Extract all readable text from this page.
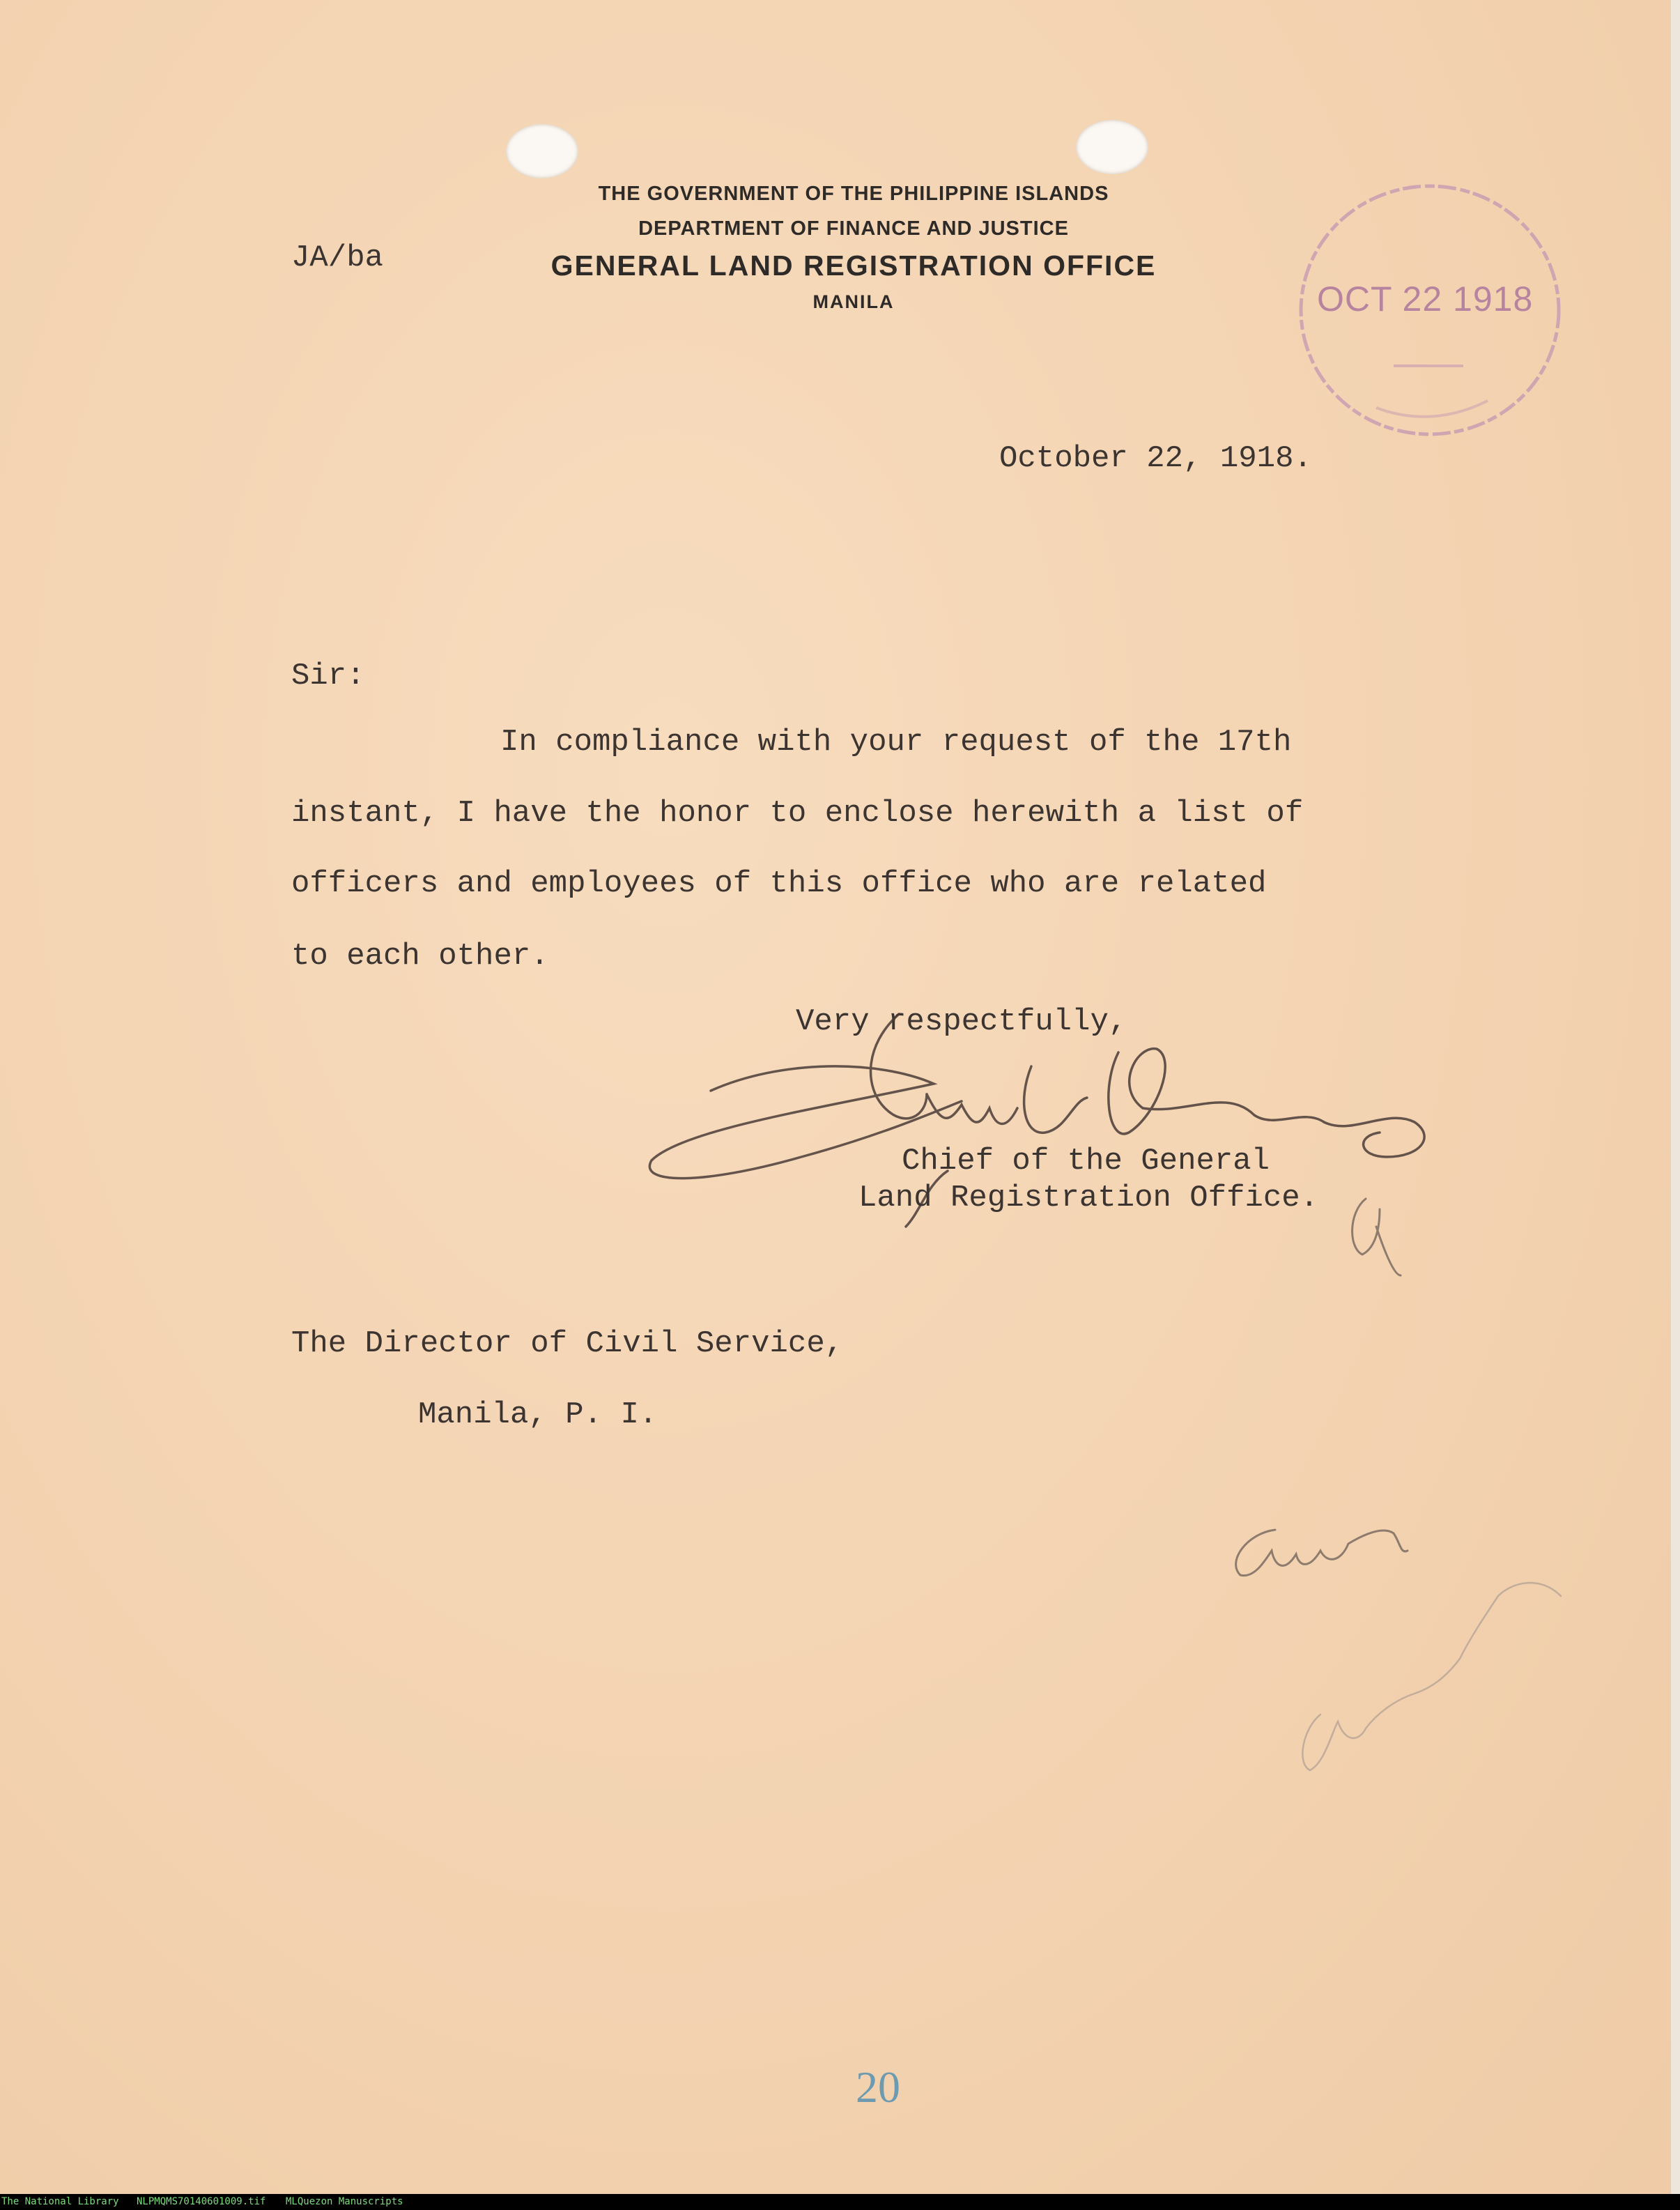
THE GOVERNMENT OF THE PHILIPPINE ISLANDS
DEPARTMENT OF FINANCE AND JUSTICE
GENERAL LAND REGISTRATION OFFICE
MANILA
JA/ba
OCT 22 1918
October 22, 1918.
Sir:
In compliance with your request of the 17th
instant, I have the honor to enclose herewith a list of
officers and employees of this office who are related
to each other.
Very respectfully,
Chief of the General
Land Registration Office.
The Director of Civil Service,
Manila, P. I.
20
The National Library NLPMQMS70140601009.tif MLQuezon Manuscripts
